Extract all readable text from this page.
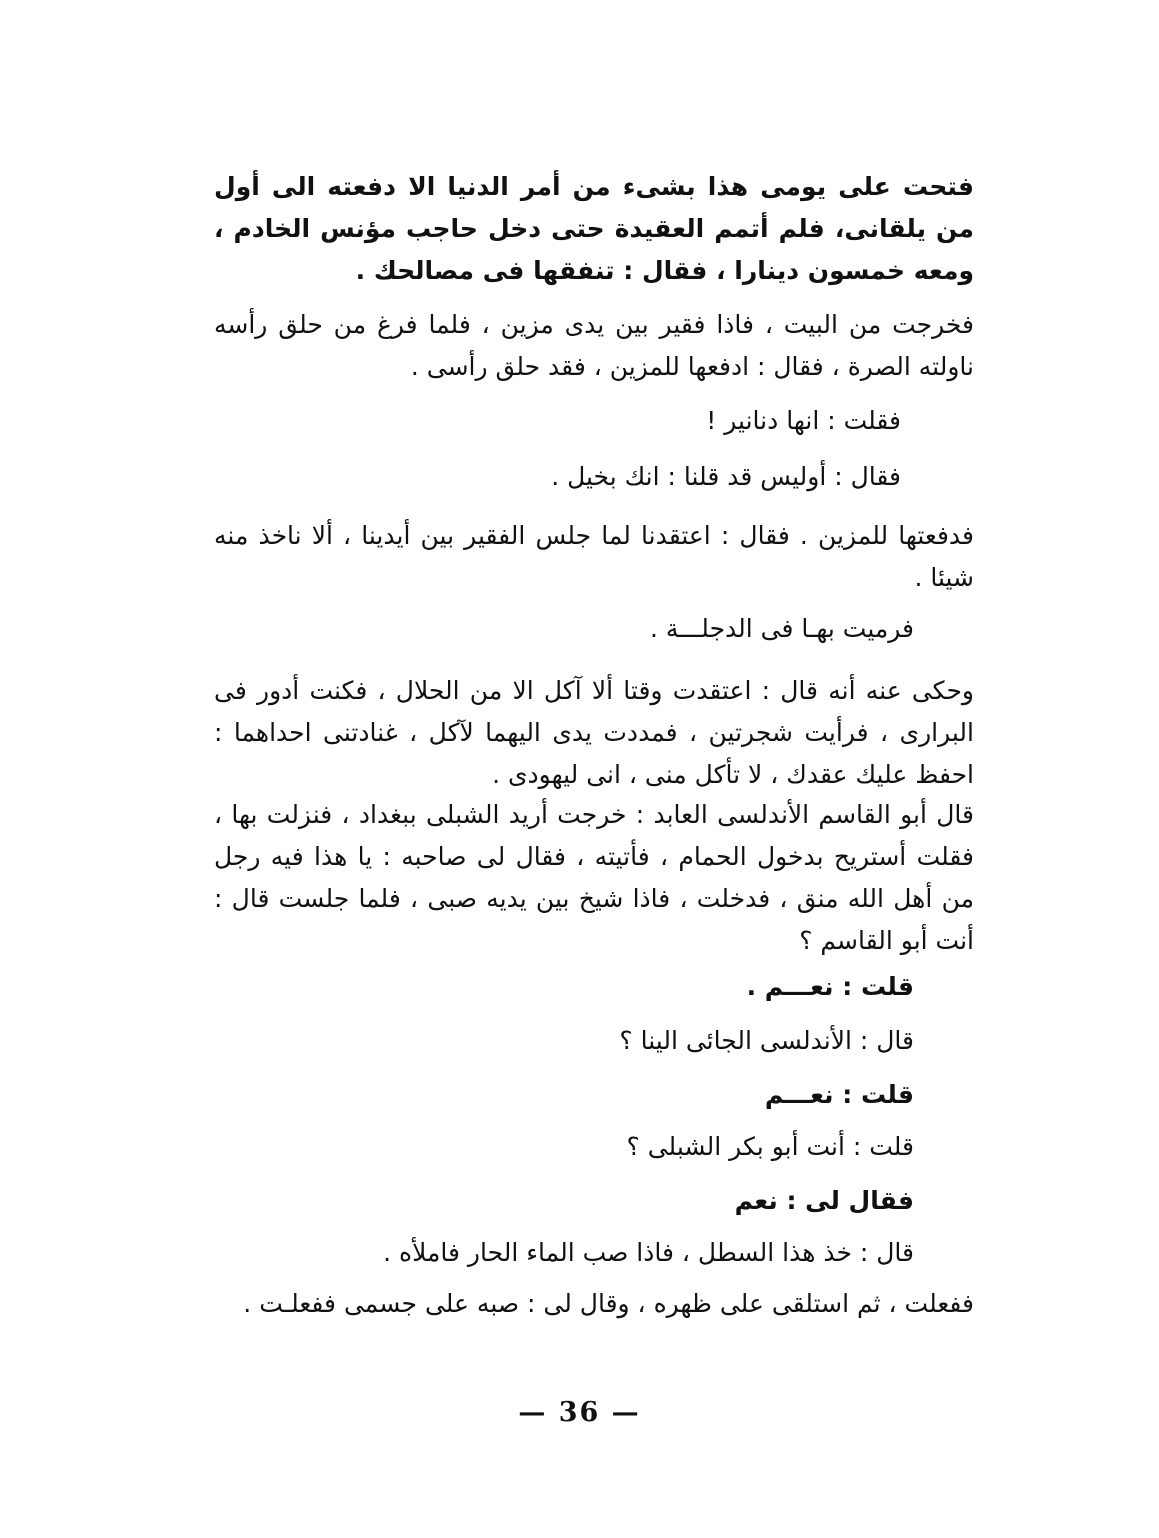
فتحت على يومى هذا بشىء من أمر الدنيا الا دفعته الى أول من يلقانى، فلم أتمم العقيدة حتى دخل حاجب مؤنس الخادم ، ومعه خمسون دينارا ، فقال : تنفقها فى مصالحك .
فخرجت من البيت ، فاذا فقير بين يدى مزين ، فلما فرغ من حلق رأسه ناولته الصرة ، فقال : ادفعها للمزين ، فقد حلق رأسى .
فقلت : انها دنانير !
فقال : أوليس قد قلنا : انك بخيل .
فدفعتها للمزين . فقال : اعتقدنا لما جلس الفقير بين أيدينا ، ألا ناخذ منه شيئا .
فرميت بهـا فى الدجلـــة .
وحكى عنه أنه قال : اعتقدت وقتا ألا آكل الا من الحلال ، فكنت أدور فى البرارى ، فرأيت شجرتين ، فمددت يدى اليهما لآكل ، غنادتنى احداهما : احفظ عليك عقدك ، لا تأكل منى ، انى ليهودى .
قال أبو القاسم الأندلسى العابد : خرجت أريد الشبلى ببغداد ، فنزلت بها ، فقلت أستريح بدخول الحمام ، فأتيته ، فقال لى صاحبه : يا هذا فيه رجل من أهل الله منق ، فدخلت ، فاذا شيخ بين يديه صبى ، فلما جلست قال : أنت أبو القاسم ؟
قلت : نعـــم .
قال : الأندلسى الجائى الينا ؟
قلت : نعـــم
قلت : أنت أبو بكر الشبلى ؟
فقال لى : نعم
قال : خذ هذا السطل ، فاذا صب الماء الحار فاملأه .
ففعلت ، ثم استلقى على ظهره ، وقال لى : صبه على جسمى ففعلـت .
— 36 —
